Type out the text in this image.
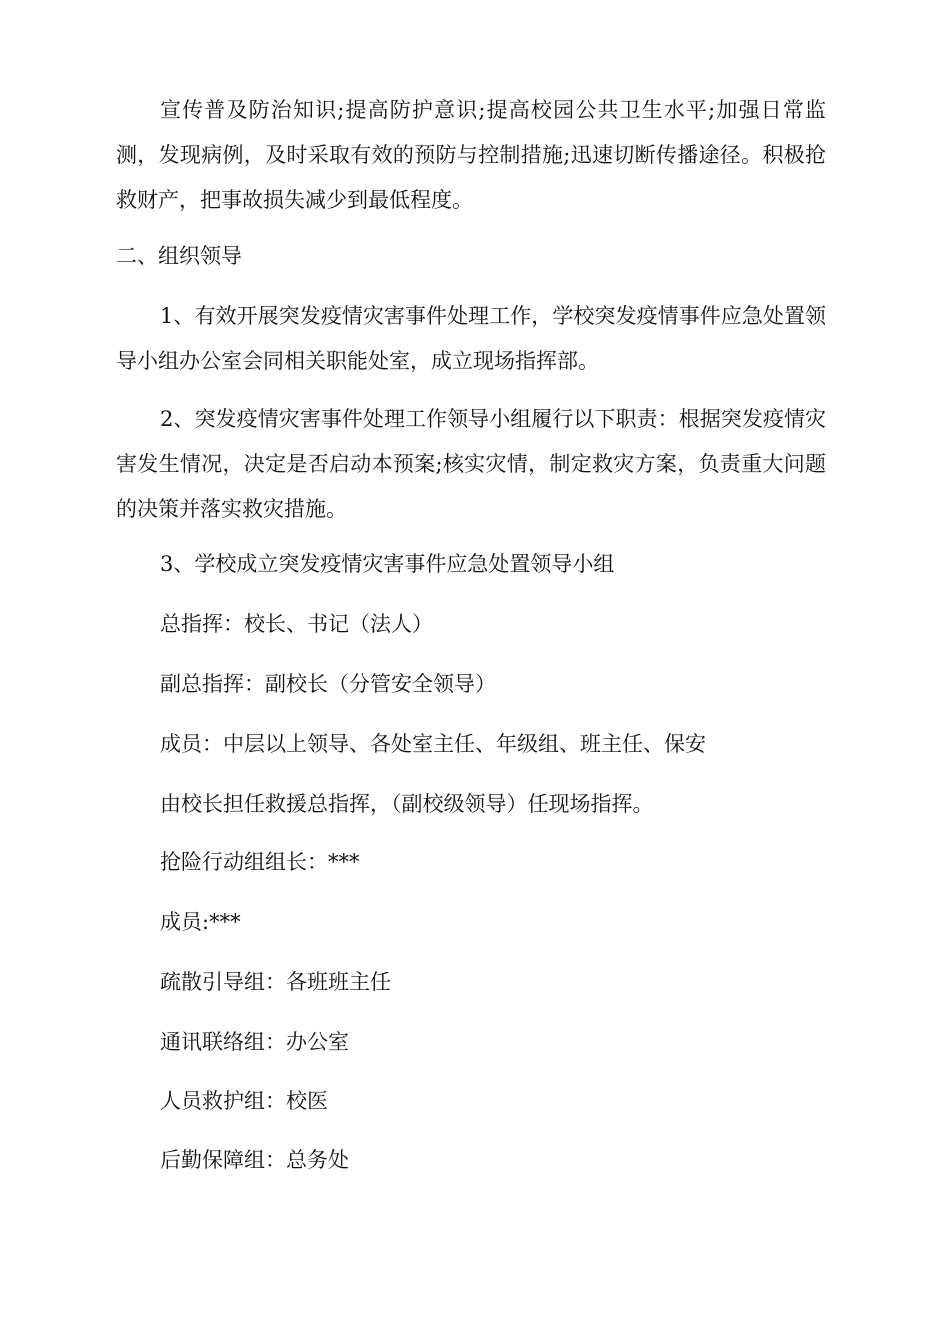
宣传普及防治知识;提高防护意识;提高校园公共卫生水平;加强日常监测，发现病例，及时采取有效的预防与控制措施;迅速切断传播途径。积极抢救财产，把事故损失减少到最低程度。

二、组织领导

1、有效开展突发疫情灾害事件处理工作，学校突发疫情事件应急处置领导小组办公室会同相关职能处室，成立现场指挥部。

2、突发疫情灾害事件处理工作领导小组履行以下职责：根据突发疫情灾害发生情况，决定是否启动本预案;核实灾情，制定救灾方案，负责重大问题的决策并落实救灾措施。

3、学校成立突发疫情灾害事件应急处置领导小组

总指挥：校长、书记（法人）

副总指挥：副校长（分管安全领导）

成员：中层以上领导、各处室主任、年级组、班主任、保安

由校长担任救援总指挥，（副校级领导）任现场指挥。

抢险行动组组长：***

成员:***

疏散引导组：各班班主任

通讯联络组：办公室

人员救护组：校医

后勤保障组：总务处
